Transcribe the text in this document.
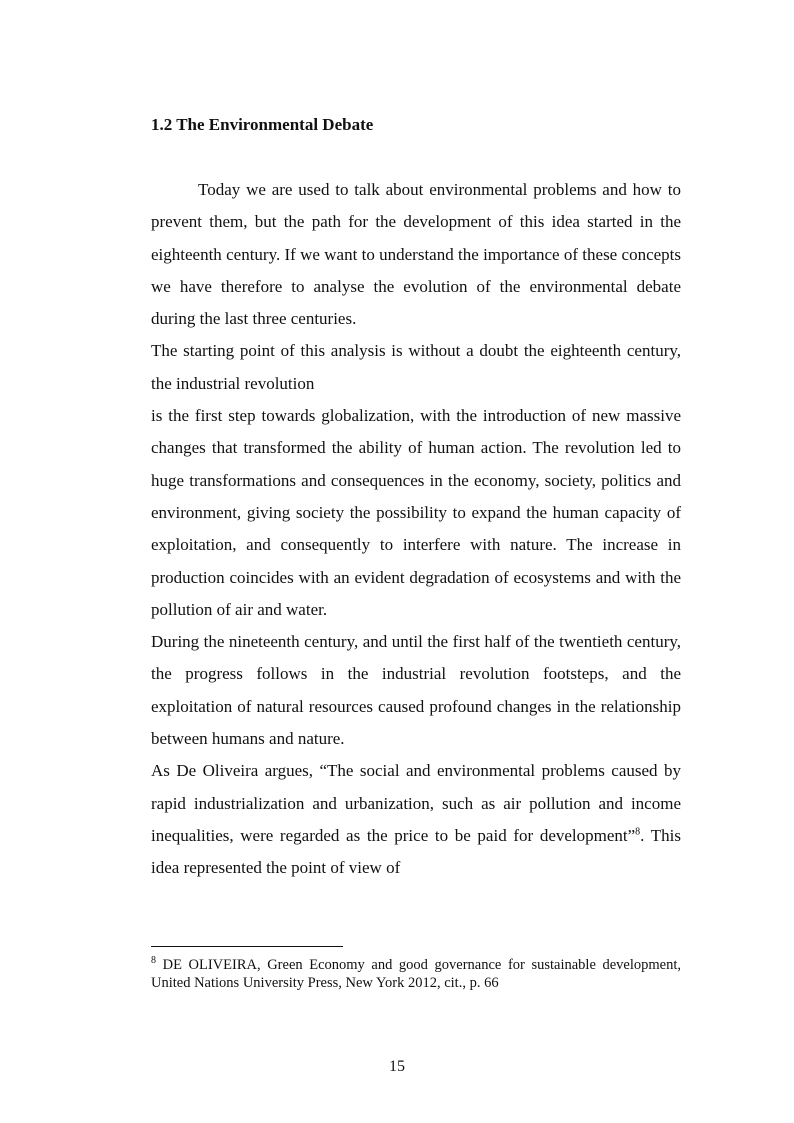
1.2 The Environmental Debate

Today we are used to talk about environmental problems and how to prevent them, but the path for the development of this idea started in the eighteenth century. If we want to understand the importance of these concepts we have therefore to analyse the evolution of the environmental debate during the last three centuries.

The starting point of this analysis is without a doubt the eighteenth century, the industrial revolution

is the first step towards globalization, with the introduction of new massive changes that transformed the ability of human action. The revolution led to huge transformations and consequences in the economy, society, politics and environment, giving society the possibility to expand the human capacity of exploitation, and consequently to interfere with nature. The increase in production coincides with an evident degradation of ecosystems and with the pollution of air and water.

During the nineteenth century, and until the first half of the twentieth century, the progress follows in the industrial revolution footsteps, and the exploitation of natural resources caused profound changes in the relationship between humans and nature.

As De Oliveira argues, “The social and environmental problems caused by rapid industrialization and urbanization, such as air pollution and income inequalities, were regarded as the price to be paid for development”$^8$. This idea represented the point of view of

$^8$ DE OLIVEIRA, Green Economy and good governance for sustainable development, United Nations University Press, New York 2012, cit., p. 66

15
